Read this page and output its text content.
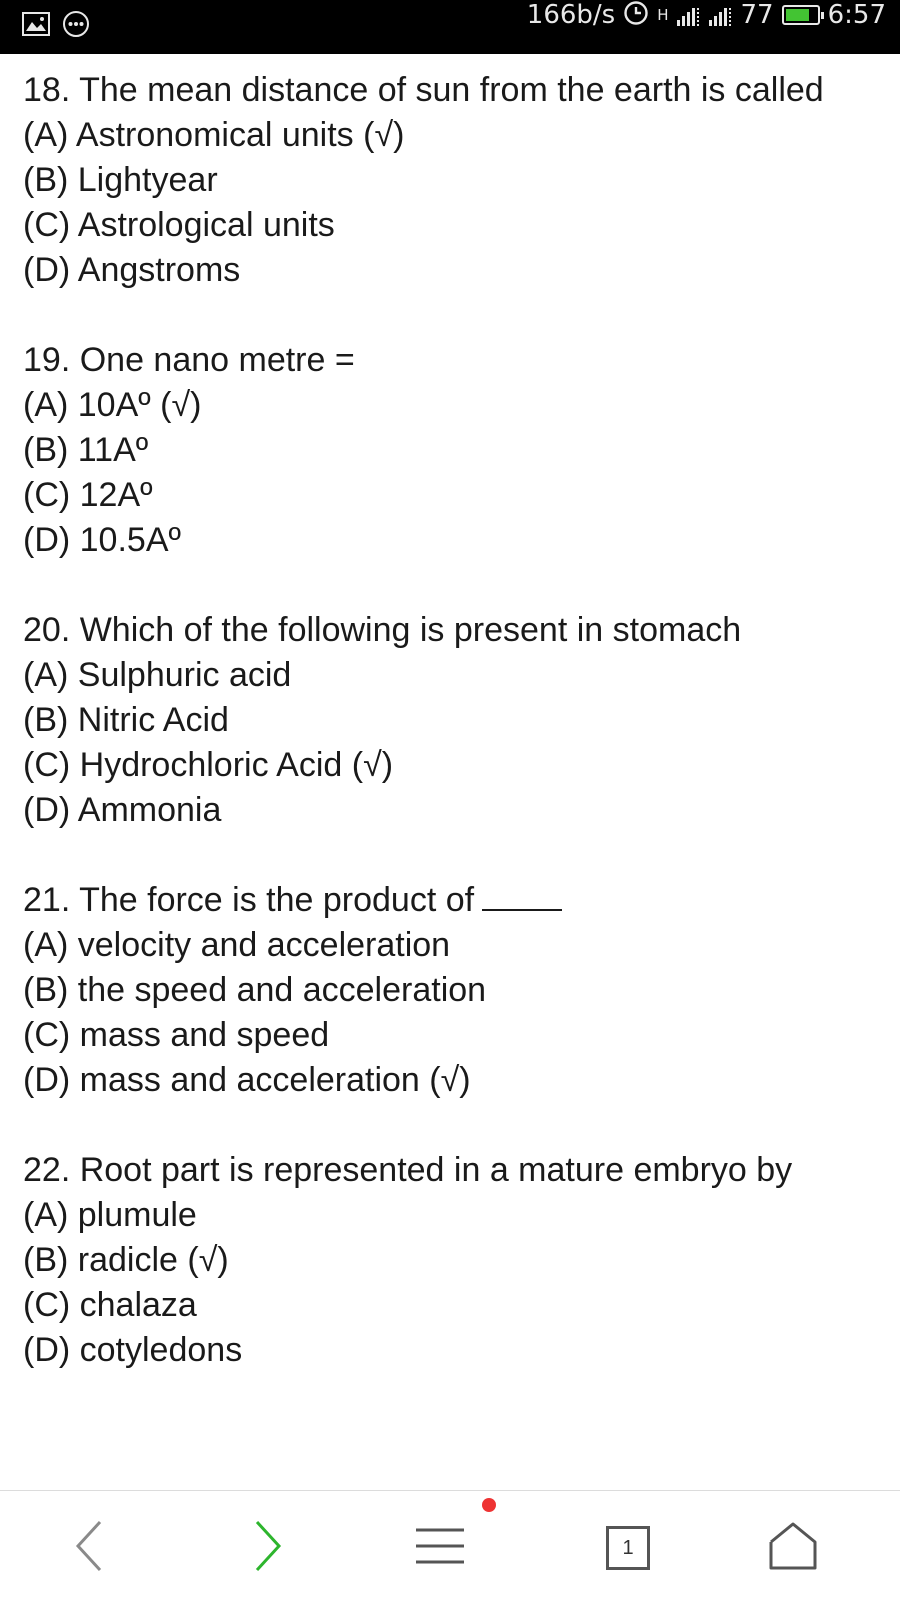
166b/s	H	77 6:57
18. The mean distance of sun from the earth is called
(A) Astronomical units (√)
(B) Lightyear
(C) Astrological units
(D) Angstroms
19. One nano metre =
(A) 10Aº (√)
(B) 11Aº
(C) 12Aº
(D) 10.5Aº
20. Which of the following is present in stomach
(A) Sulphuric acid
(B) Nitric Acid
(C) Hydrochloric Acid (√)
(D) Ammonia
21. The force is the product of
(A) velocity and acceleration
(B) the speed and acceleration
(C) mass and speed
(D) mass and acceleration (√)
22. Root part is represented in a mature embryo by
(A) plumule
(B) radicle (√)
(C) chalaza
(D) cotyledons
1
